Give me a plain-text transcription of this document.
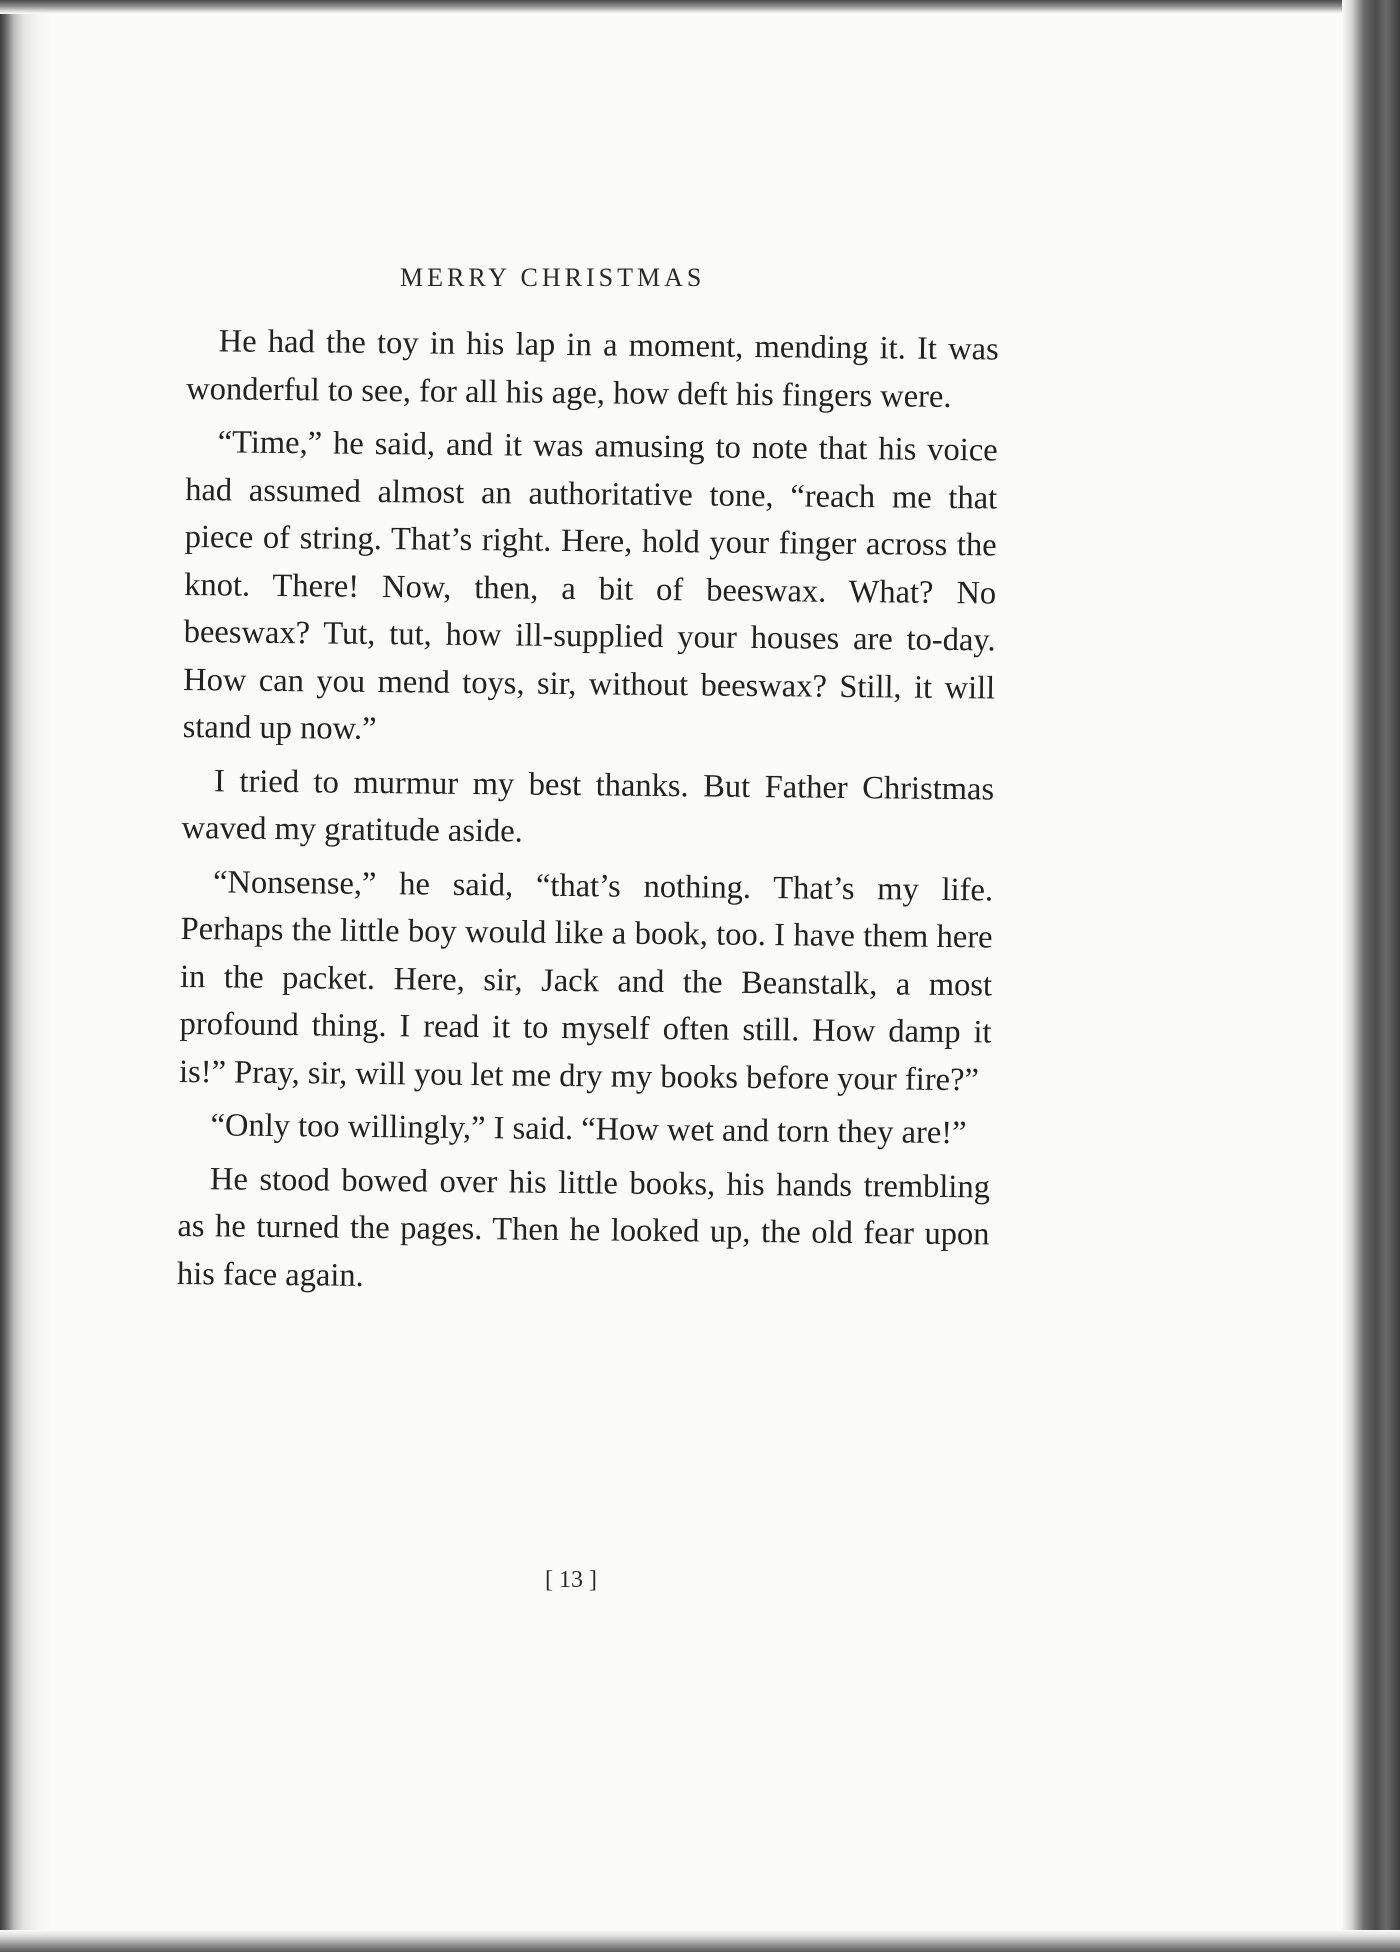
MERRY CHRISTMAS

He had the toy in his lap in a moment, mending it. It was wonderful to see, for all his age, how deft his fingers were.

“Time,” he said, and it was amusing to note that his voice had assumed almost an authoritative tone, “reach me that piece of string. That’s right. Here, hold your finger across the knot. There! Now, then, a bit of beeswax. What? No beeswax? Tut, tut, how ill-supplied your houses are to-day. How can you mend toys, sir, without beeswax? Still, it will stand up now.”

I tried to murmur my best thanks. But Father Christmas waved my gratitude aside.

“Nonsense,” he said, “that’s nothing. That’s my life. Perhaps the little boy would like a book, too. I have them here in the packet. Here, sir, Jack and the Beanstalk, a most profound thing. I read it to myself often still. How damp it is!” Pray, sir, will you let me dry my books before your fire?”

“Only too willingly,” I said. “How wet and torn they are!”

He stood bowed over his little books, his hands trembling as he turned the pages. Then he looked up, the old fear upon his face again.

[ 13 ]
